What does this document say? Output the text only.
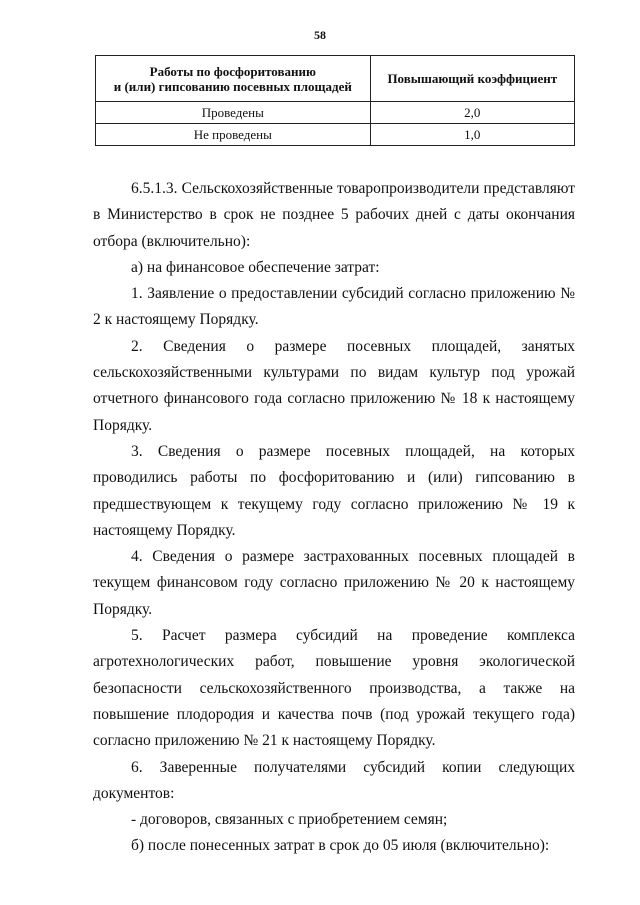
58
Работы по фосфоритованию
и (или) гипсованию посевных площадей	Повышающий коэффициент
Проведены	2,0
Не проведены	1,0

6.5.1.3. Сельскохозяйственные товаропроизводители представляют в Министерство в срок не позднее 5 рабочих дней с даты окончания отбора (включительно):

а) на финансовое обеспечение затрат:

1. Заявление о предоставлении субсидий согласно приложению № 2 к настоящему Порядку.

2. Сведения о размере посевных площадей, занятых сельскохозяйственными культурами по видам культур под урожай отчетного финансового года согласно приложению № 18 к настоящему Порядку.

3. Сведения о размере посевных площадей, на которых проводились работы по фосфоритованию и (или) гипсованию в предшествующем к текущему году согласно приложению № 19 к настоящему Порядку.

4. Сведения о размере застрахованных посевных площадей в текущем финансовом году согласно приложению № 20 к настоящему Порядку.

5. Расчет размера субсидий на проведение комплекса агротехнологических работ, повышение уровня экологической безопасности сельскохозяйственного производства, а также на повышение плодородия и качества почв (под урожай текущего года) согласно приложению № 21 к настоящему Порядку.

6. Заверенные получателями субсидий копии следующих документов:

- договоров, связанных с приобретением семян;

б) после понесенных затрат в срок до 05 июля (включительно):
